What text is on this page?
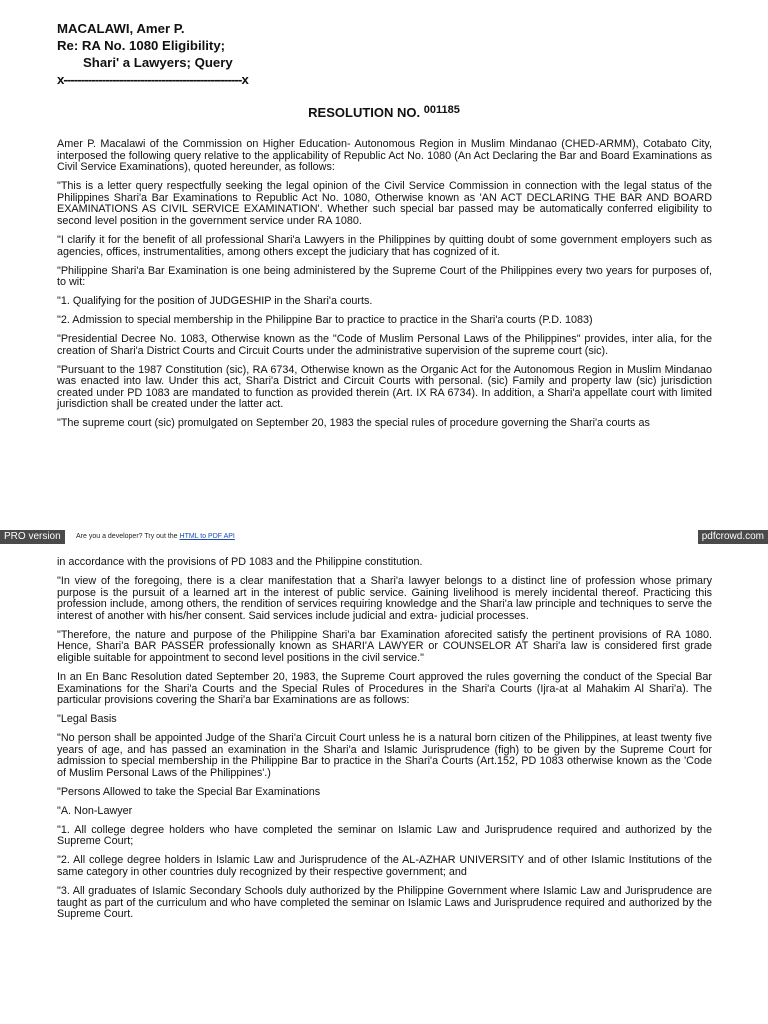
MACALAWI, Amer P.
Re: RA No. 1080 Eligibility;
Shari' a Lawyers; Query
x---------------------------------------------------x
RESOLUTION NO. $^{001185}$

Amer P. Macalawi of the Commission on Higher Education- Autonomous Region in Muslim Mindanao (CHED-ARMM), Cotabato City, interposed the following query relative to the applicability of Republic Act No. 1080 (An Act Declaring the Bar and Board Examinations as Civil Service Examinations), quoted hereunder, as follows:

"This is a letter query respectfully seeking the legal opinion of the Civil Service Commission in connection with the legal status of the Philippines Shari'a Bar Examinations to Republic Act No. 1080, Otherwise known as 'AN ACT DECLARING THE BAR AND BOARD EXAMINATIONS AS CIVIL SERVICE EXAMINATION'. Whether such special bar passed may be automatically conferred eligibility to second level position in the government service under RA 1080.

"I clarify it for the benefit of all professional Shari'a Lawyers in the Philippines by quitting doubt of some government employers such as agencies, offices, instrumentalities, among others except the judiciary that has cognized of it.

"Philippine Shari'a Bar Examination is one being administered by the Supreme Court of the Philippines every two years for purposes of, to wit:

"1. Qualifying for the position of JUDGESHIP in the Shari'a courts.

"2. Admission to special membership in the Philippine Bar to practice to practice in the Shari'a courts (P.D. 1083)

"Presidential Decree No. 1083, Otherwise known as the "Code of Muslim Personal Laws of the Philippines" provides, inter alia, for the creation of Shari'a District Courts and Circuit Courts under the administrative supervision of the supreme court (sic).

"Pursuant to the 1987 Constitution (sic), RA 6734, Otherwise known as the Organic Act for the Autonomous Region in Muslim Mindanao was enacted into law. Under this act, Shari'a District and Circuit Courts with personal. (sic) Family and property law (sic) jurisdiction created under PD 1083 are mandated to function as provided therein (Art. IX RA 6734). In addition, a Shari'a appellate court with limited jurisdiction shall be created under the latter act.

"The supreme court (sic) promulgated on September 20, 1983 the special rules of procedure governing the Shari'a courts as

PRO version	Are you a developer? Try out the HTML to PDF API	pdfcrowd.com

in accordance with the provisions of PD 1083 and the Philippine constitution.

"In view of the foregoing, there is a clear manifestation that a Shari'a lawyer belongs to a distinct line of profession whose primary purpose is the pursuit of a learned art in the interest of public service. Gaining livelihood is merely incidental thereof. Practicing this profession include, among others, the rendition of services requiring knowledge and the Shari'a law principle and techniques to serve the interest of another with his/her consent. Said services include judicial and extra- judicial processes.

"Therefore, the nature and purpose of the Philippine Shari'a bar Examination aforecited satisfy the pertinent provisions of RA 1080. Hence, Shari'a BAR PASSER professionally known as SHARI'A LAWYER or COUNSELOR AT Shari'a law is considered first grade eligible suitable for appointment to second level positions in the civil service."

In an En Banc Resolution dated September 20, 1983, the Supreme Court approved the rules governing the conduct of the Special Bar Examinations for the Shari'a Courts and the Special Rules of Procedures in the Shari'a Courts (Ijra-at al Mahakim Al Shari'a). The particular provisions covering the Shari'a bar Examinations are as follows:

"Legal Basis

"No person shall be appointed Judge of the Shari'a Circuit Court unless he is a natural born citizen of the Philippines, at least twenty five years of age, and has passed an examination in the Shari'a and Islamic Jurisprudence (figh) to be given by the Supreme Court for admission to special membership in the Philippine Bar to practice in the Shari'a Courts (Art.152, PD 1083 otherwise known as the 'Code of Muslim Personal Laws of the Philippines'.)

"Persons Allowed to take the Special Bar Examinations

"A. Non-Lawyer

"1. All college degree holders who have completed the seminar on Islamic Law and Jurisprudence required and authorized by the Supreme Court;

"2. All college degree holders in Islamic Law and Jurisprudence of the AL-AZHAR UNIVERSITY and of other Islamic Institutions of the same category in other countries duly recognized by their respective government; and

"3. All graduates of Islamic Secondary Schools duly authorized by the Philippine Government where Islamic Law and Jurisprudence are taught as part of the curriculum and who have completed the seminar on Islamic Laws and Jurisprudence required and authorized by the Supreme Court.
